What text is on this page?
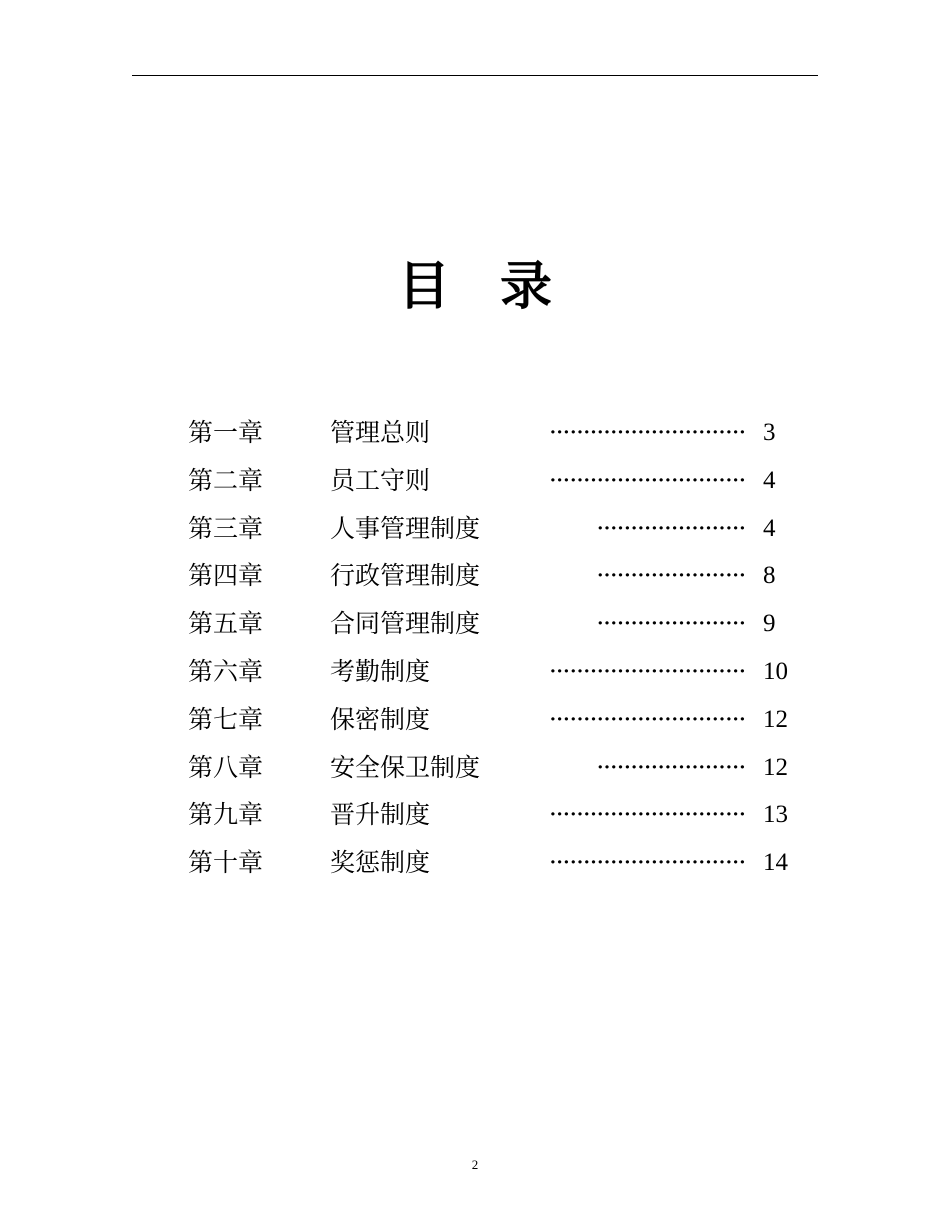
目 录
第一章	管理总则	····························· 3
第二章	员工守则	····························· 4
第三章	人事管理制度	······················ 4
第四章	行政管理制度	······················ 8
第五章	合同管理制度	······················ 9
第六章	考勤制度	····························· 10
第七章	保密制度	····························· 12
第八章	安全保卫制度	······················ 12
第九章	晋升制度	····························· 13
第十章	奖惩制度	····························· 14
2
